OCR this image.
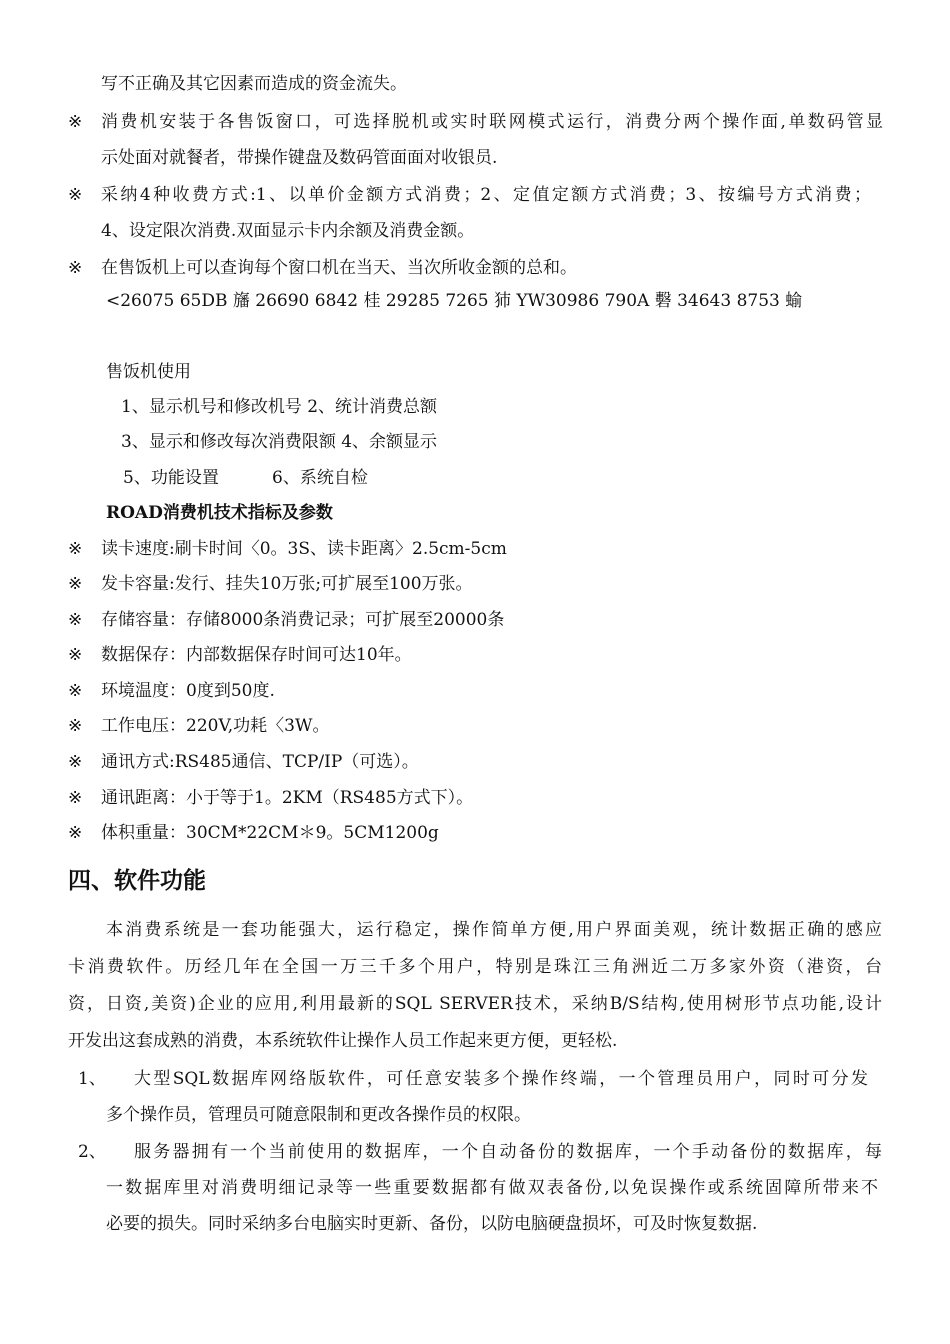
写不正确及其它因素而造成的资金流失。
※ 消费机安装于各售饭窗口，可选择脱机或实时联网模式运行，消费分两个操作面,单数码管显
示处面对就餐者，带操作键盘及数码管面面对收银员.
※ 采纳4种收费方式:1、以单价金额方式消费；2、定值定额方式消费；3、按编号方式消费；
4、设定限次消费.双面显示卡内余额及消费金额。
※ 在售饭机上可以查询每个窗口机在当天、当次所收金额的总和。
<26075 65DB 旛 26690 6842 桂 29285 7265 犻 YW30986 790A 礊 34643 8753 蝓
售饭机使用
1、显示机号和修改机号 2、统计消费总额
3、显示和修改每次消费限额 4、余额显示
5、功能设置	6、系统自检
ROAD消费机技术指标及参数
※ 读卡速度:刷卡时间〈0。3S、读卡距离〉2.5cm-5cm
※ 发卡容量:发行、挂失10万张;可扩展至100万张。
※ 存储容量：存储8000条消费记录；可扩展至20000条
※ 数据保存：内部数据保存时间可达10年。
※ 环境温度：0度到50度.
※ 工作电压：220V,功耗〈3W。
※ 通讯方式:RS485通信、TCP/IP（可选）。
※ 通讯距离：小于等于1。2KM（RS485方式下）。
※ 体积重量：30CM*22CM＊9。5CM1200g
四、软件功能
本消费系统是一套功能强大，运行稳定，操作简单方便,用户界面美观，统计数据正确的感应
卡消费软件。历经几年在全国一万三千多个用户，特别是珠江三角洲近二万多家外资（港资，台
资，日资,美资)企业的应用,利用最新的SQL SERVER技术，采纳B/S结构,使用树形节点功能,设计
开发出这套成熟的消费，本系统软件让操作人员工作起来更方便，更轻松.
1、 大型SQL数据库网络版软件，可任意安装多个操作终端，一个管理员用户，同时可分发
多个操作员，管理员可随意限制和更改各操作员的权限。
2、 服务器拥有一个当前使用的数据库，一个自动备份的数据库，一个手动备份的数据库，每
一数据库里对消费明细记录等一些重要数据都有做双表备份,以免误操作或系统固障所带来不
必要的损失。同时采纳多台电脑实时更新、备份，以防电脑硬盘损坏，可及时恢复数据.
